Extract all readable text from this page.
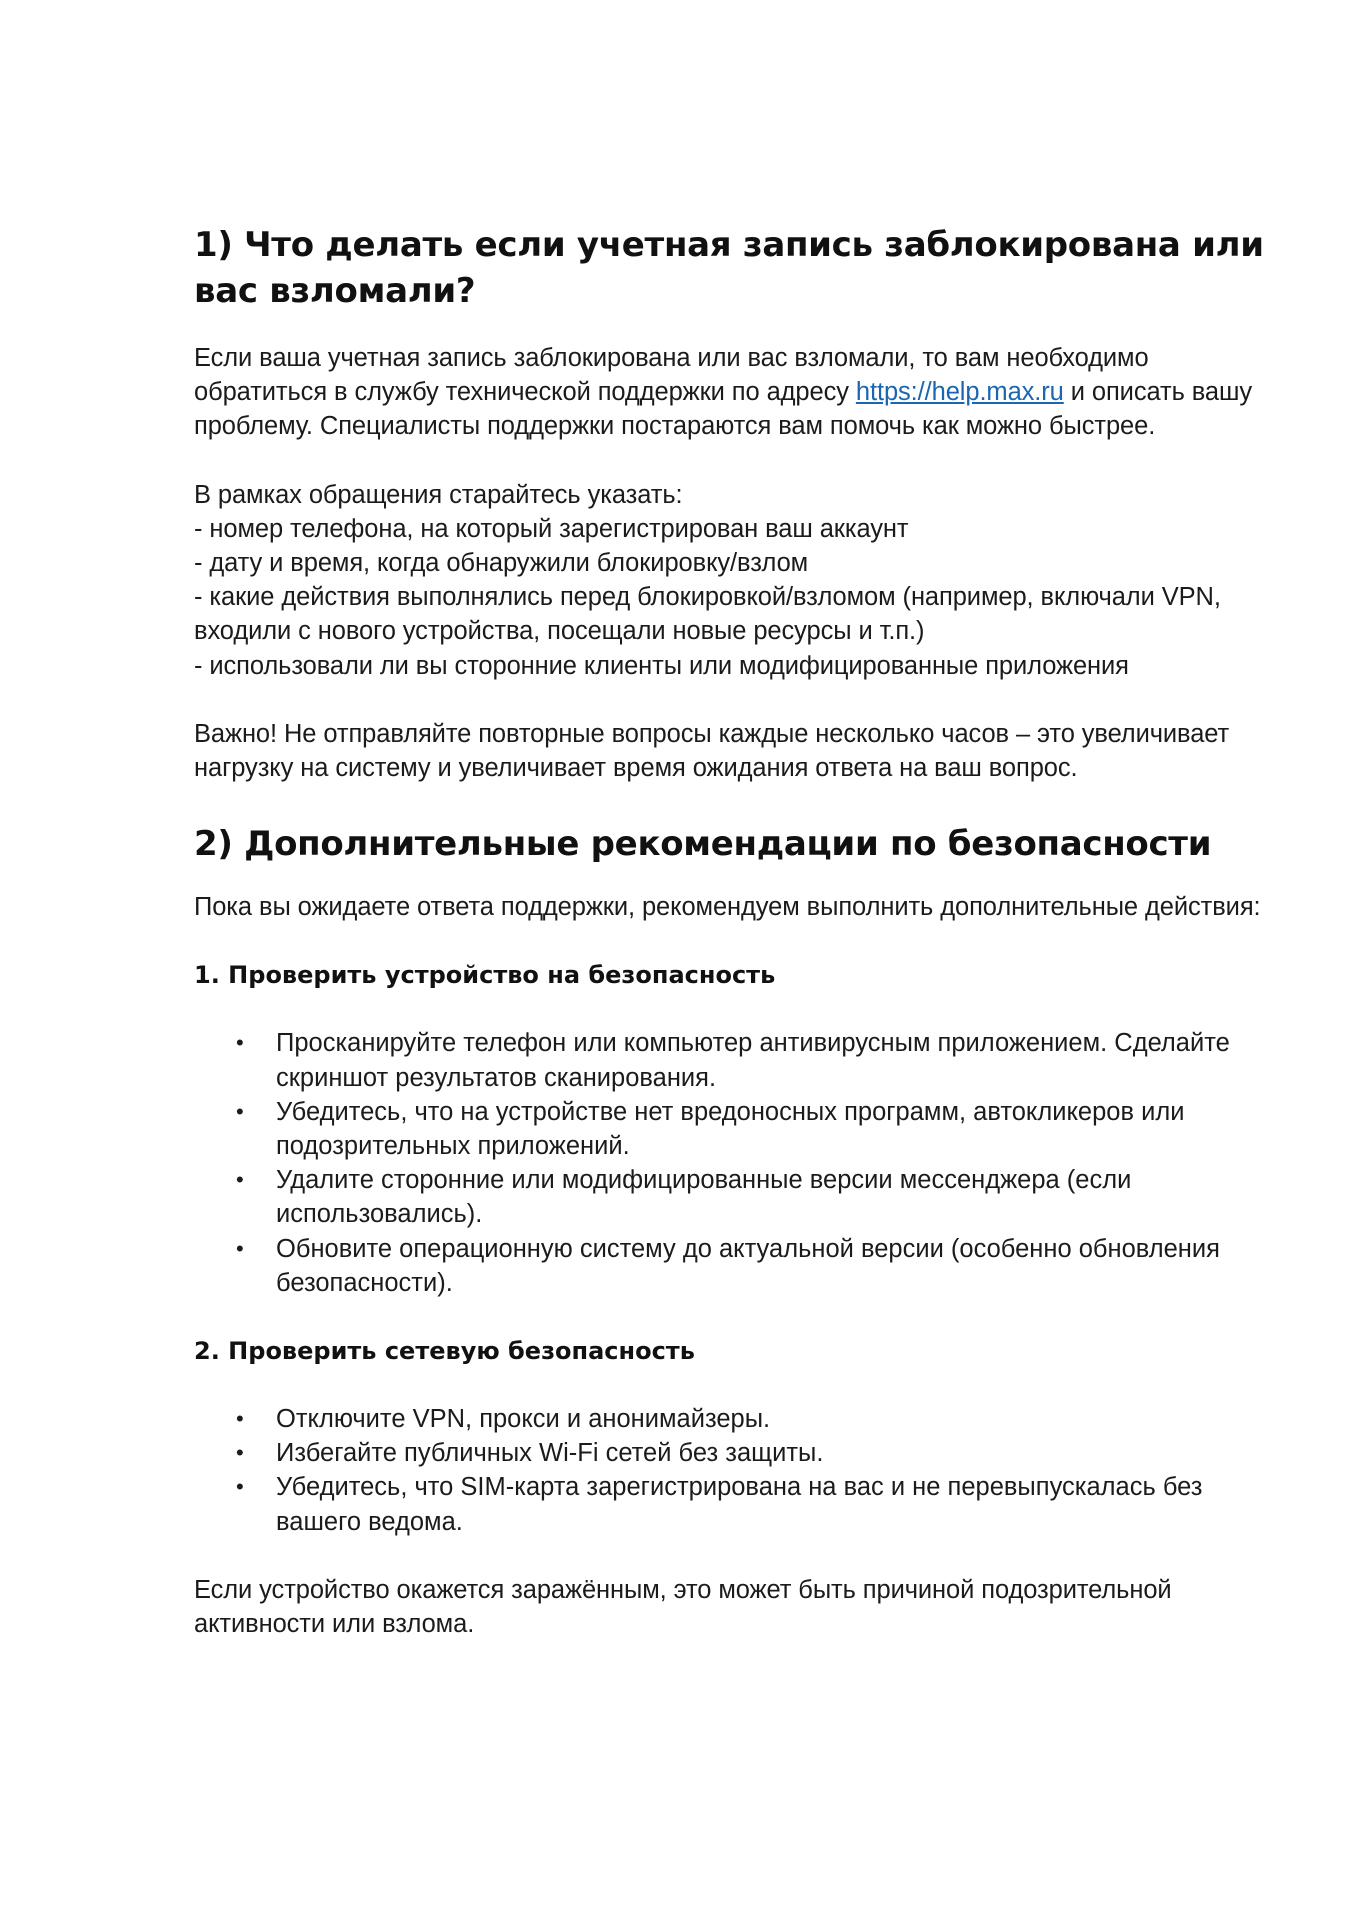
1) Что делать если учетная запись заблокирована или вас взломали?

Если ваша учетная запись заблокирована или вас взломали, то вам необходимо обратиться в службу технической поддержки по адресу https://help.max.ru и описать вашу проблему. Специалисты поддержки постараются вам помочь как можно быстрее.

В рамках обращения старайтесь указать:

- номер телефона, на который зарегистрирован ваш аккаунт

- дату и время, когда обнаружили блокировку/взлом

- какие действия выполнялись перед блокировкой/взломом (например, включали VPN, входили с нового устройства, посещали новые ресурсы и т.п.)

- использовали ли вы сторонние клиенты или модифицированные приложения

Важно! Не отправляйте повторные вопросы каждые несколько часов – это увеличивает нагрузку на систему и увеличивает время ожидания ответа на ваш вопрос.

2) Дополнительные рекомендации по безопасности

Пока вы ожидаете ответа поддержки, рекомендуем выполнить дополнительные действия:

1. Проверить устройство на безопасность
• Просканируйте телефон или компьютер антивирусным приложением. Сделайте скриншот результатов сканирования.
• Убедитесь, что на устройстве нет вредоносных программ, автокликеров или подозрительных приложений.
• Удалите сторонние или модифицированные версии мессенджера (если использовались).
• Обновите операционную систему до актуальной версии (особенно обновления безопасности).
2. Проверить сетевую безопасность
• Отключите VPN, прокси и анонимайзеры.
• Избегайте публичных Wi-Fi сетей без защиты.
• Убедитесь, что SIM-карта зарегистрирована на вас и не перевыпускалась без вашего ведома.

Если устройство окажется заражённым, это может быть причиной подозрительной активности или взлома.
